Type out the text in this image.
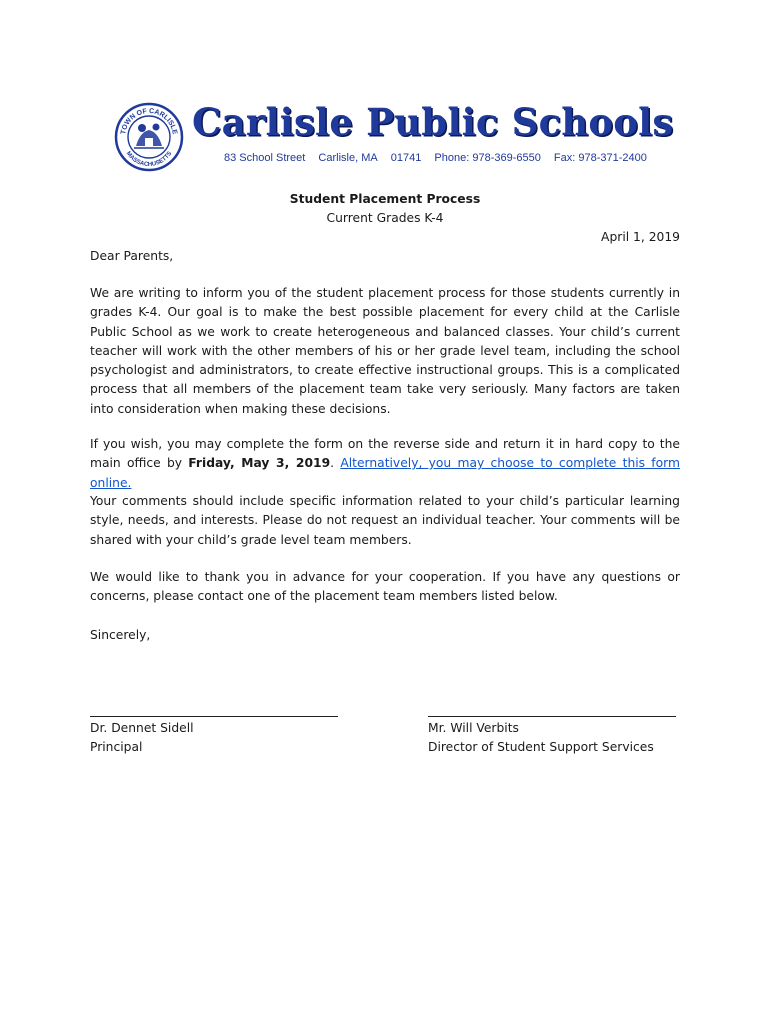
TOWN OF CARLISLE
MASSACHUSETTS
Carlisle Public Schools
83 School Street Carlisle, MA 01741 Phone: 978-369-6550 Fax: 978-371-2400
Student Placement Process
Current Grades K-4
April 1, 2019
Dear Parents,

We are writing to inform you of the student placement process for those students currently in grades K-4. Our goal is to make the best possible placement for every child at the Carlisle Public School as we work to create heterogeneous and balanced classes. Your child’s current teacher will work with the other members of his or her grade level team, including the school psychologist and administrators, to create effective instructional groups. This is a complicated process that all members of the placement team take very seriously. Many factors are taken into consideration when making these decisions.

If you wish, you may complete the form on the reverse side and return it in hard copy to the main office by Friday, May 3, 2019. Alternatively, you may choose to complete this form online.

Your comments should include specific information related to your child’s particular learning style, needs, and interests. Please do not request an individual teacher. Your comments will be shared with your child’s grade level team members.

We would like to thank you in advance for your cooperation. If you have any questions or concerns, please contact one of the placement team members listed below.

Sincerely,
Dr. Dennet Sidell
Principal
Mr. Will Verbits
Director of Student Support Services
